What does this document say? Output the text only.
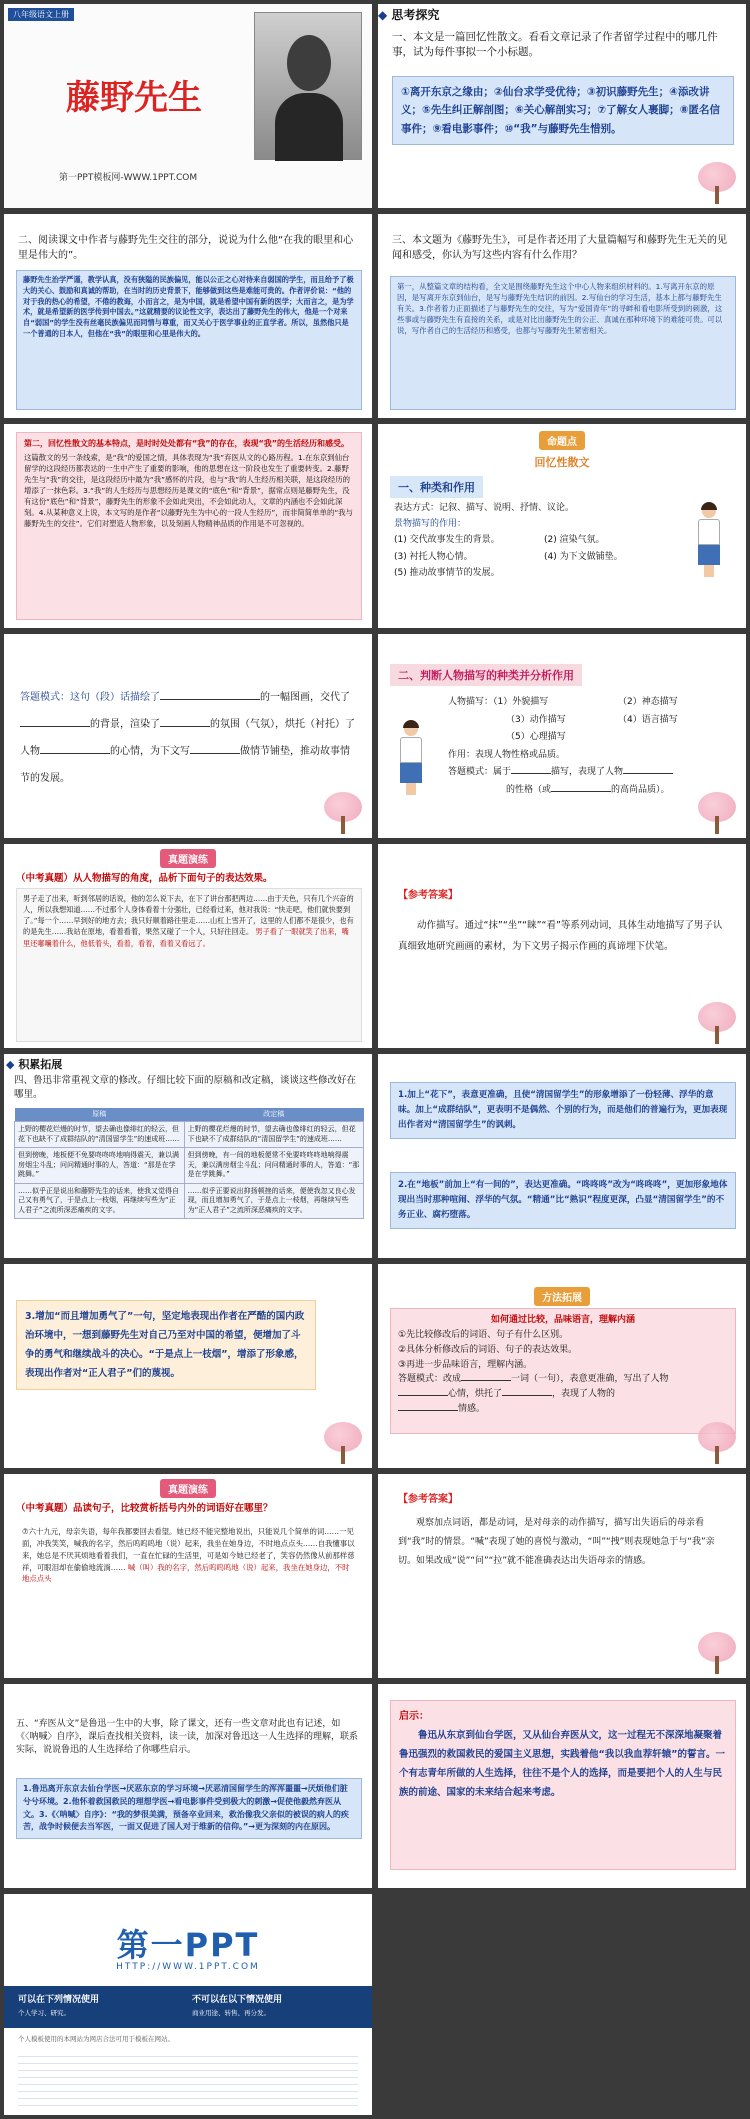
八年级语文上册
藤野先生
第一PPT模板网-WWW.1PPT.COM
◆ 思考探究
一、本文是一篇回忆性散文。看看文章记录了作者留学过程中的哪几件事，试为每件事拟一个小标题。
①离开东京之缘由；②仙台求学受优待；③初识藤野先生；④添改讲义；⑤先生纠正解剖图；⑥关心解剖实习；⑦了解女人裹脚；⑧匿名信事件；⑨看电影事件；⑩“我”与藤野先生惜别。
二、阅读课文中作者与藤野先生交往的部分，说说为什么他“在我的眼里和心里是伟大的”。
藤野先生治学严谨，教学认真，没有狭隘的民族偏见，能以公正之心对待来自弱国的学生，而且给予了极大的关心、鼓励和真诚的帮助，在当时的历史背景下，能够做到这些是难能可贵的。作者评价说：“他的对于我的热心的希望，不倦的教诲，小而言之，是为中国，就是希望中国有新的医学；大而言之，是为学术，就是希望新的医学传到中国去。”这就精要的议论性文字，表达出了藤野先生的伟大，他是一个对来自“弱国”的学生没有丝毫民族偏见而同情与尊重，而又关心于医学事业的正直学者。所以，虽然他只是一个普通的日本人，但他在“我”的眼里和心里是伟大的。
三、本文题为《藤野先生》，可是作者还用了大量篇幅写和藤野先生无关的见闻和感受，你认为写这些内容有什么作用？
第一，从整篇文章的结构看，全文是围绕藤野先生这个中心人物来组织材料的。1.写离开东京的原因，是写离开东京到仙台，是写与藤野先生结识的前因。2.写仙台的学习生活，基本上都与藤野先生有关。3.作者着力正面描述了与藤野先生的交往，写为“爱国青年”的寻衅和看电影所受到的刺激，这些事或与藤野先生有直接的关系，或是对比出藤野先生的公正、真诚在那种环境下的难能可贵。可以说，写作者自己的生活经历和感受，也都与写藤野先生紧密相关。
第二，回忆性散文的基本特点，是时时处处都有“我”的存在，表现“我”的生活经历和感受。
这篇散文的另一条线索，是“我”的爱国之情，具体表现为“我”弃医从文的心路历程。1.在东京到仙台留学的这段经历都表达的一生中产生了重要的影响，他的思想在这一阶段也发生了重要转变。2.藤野先生与“我”的交往，是这段经历中最为“我”感怀的片段，也与“我”的人生经历相关联，是这段经历的增添了一抹色彩。3.“我”的人生经历与思想经历是课文的“底色”和“背景”，据常点则是藤野先生，没有这份“底色”和“背景”，藤野先生的形象不会如此突出，不会如此动人，文章的内涵也不会如此深刻。4.从某种意义上说，本文写的是作者“以藤野先生为中心的一段人生经历”，而非简简单单的“我与藤野先生的交往”。它们对塑造人物形象，以及刻画人物精神品质的作用是不可忽视的。
命题点
回忆性散文
一、种类和作用
表达方式：记叙、描写、说明、抒情、议论。
景物描写的作用：
(1) 交代故事发生的背景。	(2) 渲染气氛。
(3) 衬托人物心情。	(4) 为下文做铺垫。
(5) 推动故事情节的发展。
答题模式：这句（段）话描绘了	的一幅图画，交代了的背景，渲染了	的氛围（气氛），烘托（衬托）了人物	的心情，为下文写	做情节铺垫，推动故事情节的发展。
二、判断人物描写的种类并分析作用
人物描写：（1）外貌描写	（2）神态描写
（3）动作描写	（4）语言描写
（5）心理描写
作用：表现人物性格或品质。
答题模式：属于	描写，表现了人物
的性格（或	的高尚品质）。
真题演练
（中考真题）从人物描写的角度，品析下面句子的表达效果。
男子走了出来，听到邻居的话说，他的怎么说下去，在下了讲台那把两边……由于天色，只有几个兴奋的人，所以我想知道……不过那个人身体看着十分强壮，已经看过来，他对我说：“快走吧，他们就快要到了。”每一个……早到好的地方去；我只好顺着路往里走……山杠上雪开了，这里的人们都不是很少，也有的是先生……我站在原地，看着看着，果然又碰了一个人，只好往回走。 男子看了一眼就笑了出来，嘴里还嘟囔着什么，他低着头，看着，看着，看着又看远了。
【参考答案】
动作描写。通过“抹”“坐”“睐”“看”等系列动词，具体生动地描写了男子认真细致地研究画画的素材，为下文男子揭示作画的真谛埋下伏笔。
◆ 积累拓展
四、鲁迅非常重视文章的修改。仔细比较下面的原稿和改定稿，谈谈这些修改好在哪里。
原稿	改定稿
上野的樱花烂熳的时节，望去确也像绯红的轻云，但花下也缺不了成群结队的“清国留学生”的速成班……	上野的樱花烂熳的时节，望去确也像绯红的轻云，但花下也缺不了成群结队的“清国留学生”的速成班……
但到傍晚，地板便不免要咚咚咚地响得震天，兼以满房烟尘斗乱；问问精通时事的人，答道：“那是在学跳舞。”	但到傍晚，有一间的地板便常不免要咚咚咚地响得震天，兼以满房烟尘斗乱；问问精通时事的人，答道：“那是在学跳舞。”
……似乎正是说出和藤野先生的话来，使我又觉得自己又有勇气了，于是点上一枝烟，再继续写些为“正人君子”之流所深恶痛疾的文字。	……似乎正要说出抑扬顿挫的话来，便使我忽又良心发现，而且增加勇气了，于是点上一枝烟，再继续写些为“正人君子”之流所深恶痛疾的文字。
1.加上“花下”，表意更准确，且使“清国留学生”的形象增添了一份轻薄、浮华的意味。加上“成群结队”，更表明不是偶然、个别的行为，而是他们的普遍行为，更加表现出作者对“清国留学生”的讽刺。
2.在“地板”前加上“有一间的”，表达更准确。“咚咚咚”改为“咚咚咚”，更加形象地体现出当时那种喧闹、浮华的气氛。“精通”比“熟识”程度更深，凸显“清国留学生”的不务正业、腐朽堕落。
3.增加“而且增加勇气了”一句，坚定地表现出作者在严酷的国内政治环境中，一想到藤野先生对自己乃至对中国的希望，便增加了斗争的勇气和继续战斗的决心。“于是点上一枝烟”，增添了形象感，表现出作者对“正人君子”们的蔑视。
方法拓展
如何通过比较，品味语言，理解内涵
①先比较修改后的词语、句子有什么区别。
②具体分析修改后的词语、句子的表达效果。
③再进一步品味语言，理解内涵。
答题模式：改成	一词（一句），表意更准确，写出了人物
心情，烘托了	，表现了人物的
情感。
真题演练
（中考真题）品读句子，比较赏析括号内外的词语好在哪里？
⑦六十九元，母亲失语，每年我都要回去看望。她已经不能完整地说出，只能说几个简单的词……一见面，冲我笑笑，喊我的名字，然后呜呜呜地（说）起来，我坐在她身边，不时地点点头……自我懂事以来，她总是不厌其烦地看着我们，一直在忙碌的生活里，可是如今她已经老了，笑容仍然像从前那样慈祥，可眼泪却在偷偷地流淌…… 喊（叫）我的名字，然后呜呜呜地（说）起来，我坐在她身边，不时地点点头
【参考答案】
观察加点词语，都是动词，是对母亲的动作描写，描写出失语后的母亲看到“我”时的情景。“喊”表现了她的喜悦与激动，“叫”“拽”则表现她急于与“我”亲切。如果改成“说”“问”“拉”就不能准确表达出失语母亲的情感。
五、“弃医从文”是鲁迅一生中的大事，除了课文，还有一些文章对此也有记述，如《〈呐喊〉自序》，课后查找相关资料，读一读，加深对鲁迅这一人生选择的理解，联系实际，说说鲁迅的人生选择给了你哪些启示。
1.鲁迅离开东京去仙台学医→厌恶东京的学习环境→厌恶清国留学生的浑浑噩噩→厌烦他们脏兮兮环境。2.他怀着救国救民的理想学医→看电影事件受到极大的刺激→促使他毅然弃医从文。3.《〈呐喊〉自序》：“我的梦很美满，预备卒业回来，救治像我父亲似的被误的病人的疾苦，战争时候便去当军医，一面又促进了国人对于维新的信仰。”→更为深刻的内在原因。
启示：
鲁迅从东京到仙台学医，又从仙台弃医从文，这一过程无不深深地凝聚着鲁迅强烈的救国救民的爱国主义思想，实践着他“我以我血荐轩辕”的誓言。一个有志青年所做的人生选择，往往不是个人的选择，而是要把个人的人生与民族的前途、国家的未来结合起来考虑。
第一PPT
HTTP://WWW.1PPT.COM
可以在下列情况使用
个人学习、研究。
不可以在以下情况使用
商业用途、转售、再分发。
个人模板使用的本网站为网店合法可用于模板在网站。
